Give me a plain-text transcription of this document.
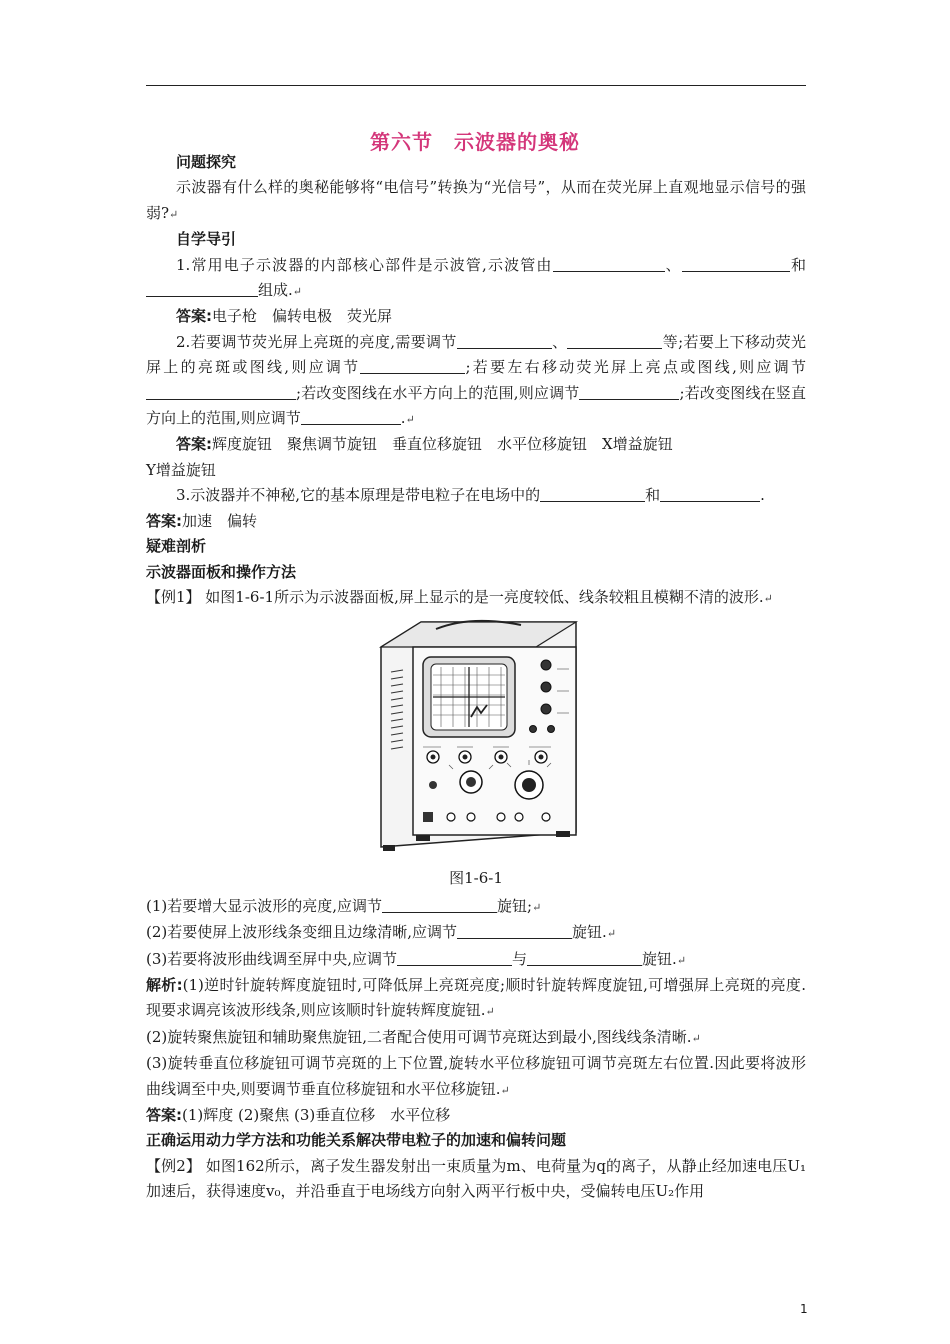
第六节　示波器的奥秘

问题探究

示波器有什么样的奥秘能够将“电信号”转换为“光信号”，从而在荧光屏上直观地显示信号的强弱?↵

自学导引

1.常用电子示波器的内部核心部件是示波管,示波管由	、	和组成.↵

答案:电子枪　偏转电极　荧光屏

2.若要调节荧光屏上亮斑的亮度,需要调节	、	等;若要上下移动荧光屏上的亮斑或图线,则应调节	;若要左右移动荧光屏上亮点或图线,则应调节;若改变图线在水平方向上的范围,则应调节	;若改变图线在竖直方向上的范围,则应调节	.↵

答案:辉度旋钮　聚焦调节旋钮　垂直位移旋钮　水平位移旋钮　X增益旋钮
Y增益旋钮

3.示波器并不神秘,它的基本原理是带电粒子在电场中的	和	.

答案:加速　偏转

疑难剖析

示波器面板和操作方法

【例1】 如图1-6-1所示为示波器面板,屏上显示的是一亮度较低、线条较粗且模糊不清的波形.↵

图1-6-1

(1)若要增大显示波形的亮度,应调节	旋钮;↵

(2)若要使屏上波形线条变细且边缘清晰,应调节	旋钮.↵

(3)若要将波形曲线调至屏中央,应调节	与	旋钮.↵

解析:(1)逆时针旋转辉度旋钮时,可降低屏上亮斑亮度;顺时针旋转辉度旋钮,可增强屏上亮斑的亮度.现要求调亮该波形线条,则应该顺时针旋转辉度旋钮.↵

(2)旋转聚焦旋钮和辅助聚焦旋钮,二者配合使用可调节亮斑达到最小,图线线条清晰.↵

(3)旋转垂直位移旋钮可调节亮斑的上下位置,旋转水平位移旋钮可调节亮斑左右位置.因此要将波形曲线调至中央,则要调节垂直位移旋钮和水平位移旋钮.↵

答案:(1)辉度 (2)聚焦 (3)垂直位移　水平位移

正确运用动力学方法和功能关系解决带电粒子的加速和偏转问题

【例2】 如图162所示，离子发生器发射出一束质量为m、电荷量为q的离子，从静止经加速电压U₁加速后，获得速度v₀，并沿垂直于电场线方向射入两平行板中央，受偏转电压U₂作用

1
